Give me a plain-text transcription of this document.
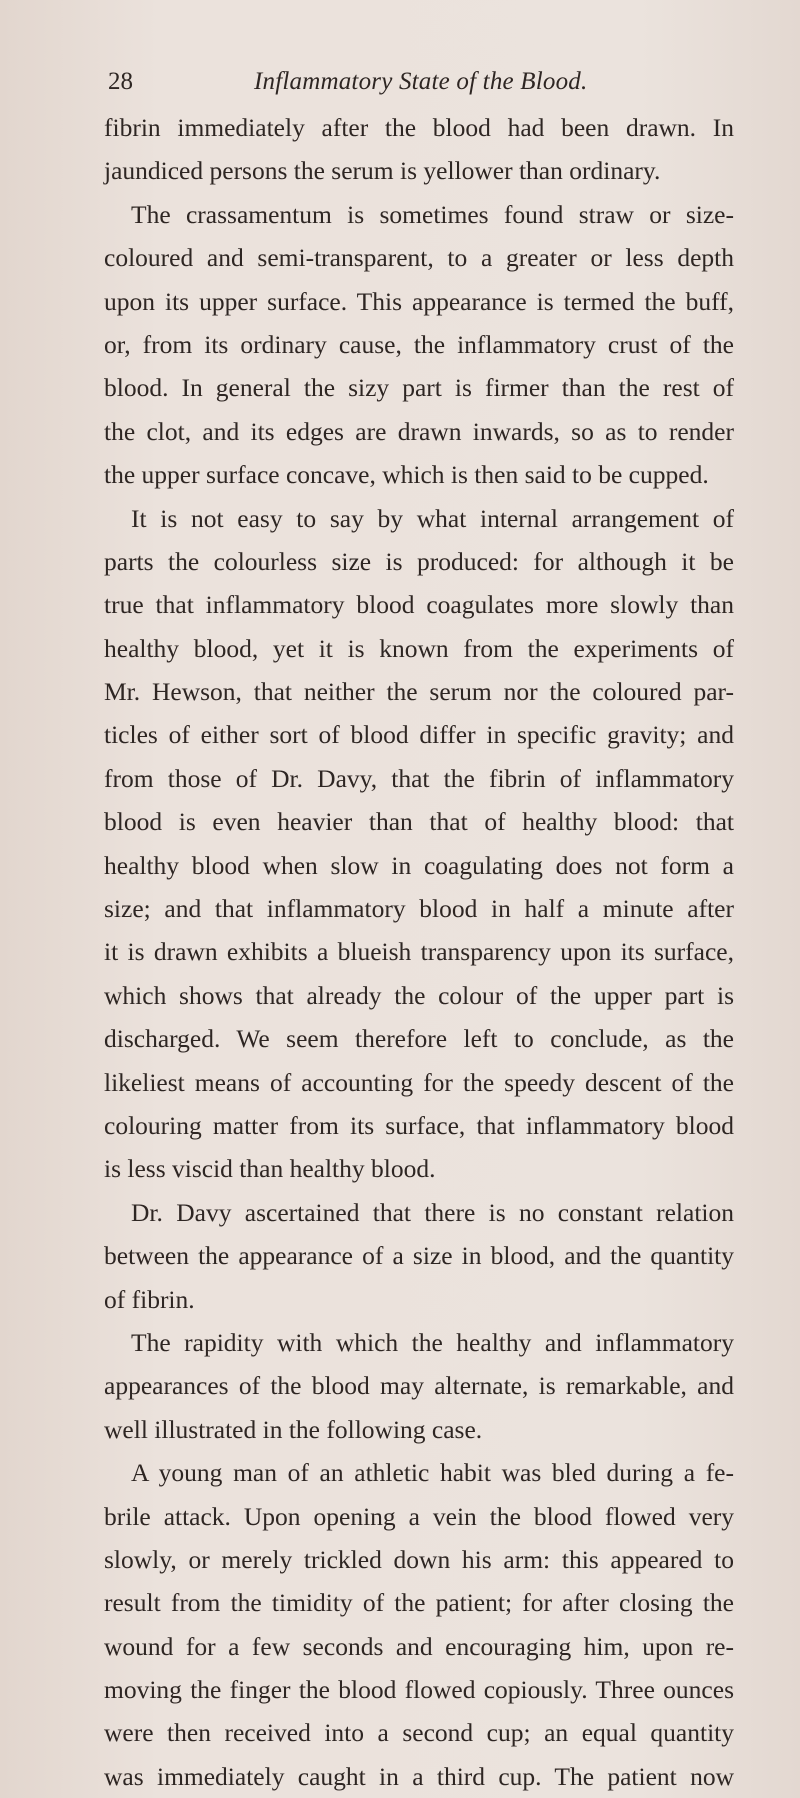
28	Inflammatory State of the Blood.
fibrin immediately after the blood had been drawn. In
jaundiced persons the serum is yellower than ordinary.
The crassamentum is sometimes found straw or size-
coloured and semi-transparent, to a greater or less depth
upon its upper surface. This appearance is termed the buff,
or, from its ordinary cause, the inflammatory crust of the
blood. In general the sizy part is firmer than the rest of
the clot, and its edges are drawn inwards, so as to render
the upper surface concave, which is then said to be cupped.
It is not easy to say by what internal arrangement of
parts the colourless size is produced: for although it be
true that inflammatory blood coagulates more slowly than
healthy blood, yet it is known from the experiments of
Mr. Hewson, that neither the serum nor the coloured par-
ticles of either sort of blood differ in specific gravity; and
from those of Dr. Davy, that the fibrin of inflammatory
blood is even heavier than that of healthy blood: that
healthy blood when slow in coagulating does not form a
size; and that inflammatory blood in half a minute after
it is drawn exhibits a blueish transparency upon its surface,
which shows that already the colour of the upper part is
discharged. We seem therefore left to conclude, as the
likeliest means of accounting for the speedy descent of the
colouring matter from its surface, that inflammatory blood
is less viscid than healthy blood.
Dr. Davy ascertained that there is no constant relation
between the appearance of a size in blood, and the quantity
of fibrin.
The rapidity with which the healthy and inflammatory
appearances of the blood may alternate, is remarkable, and
well illustrated in the following case.
A young man of an athletic habit was bled during a fe-
brile attack. Upon opening a vein the blood flowed very
slowly, or merely trickled down his arm: this appeared to
result from the timidity of the patient; for after closing the
wound for a few seconds and encouraging him, upon re-
moving the finger the blood flowed copiously. Three ounces
were then received into a second cup; an equal quantity
was immediately caught in a third cup. The patient now
